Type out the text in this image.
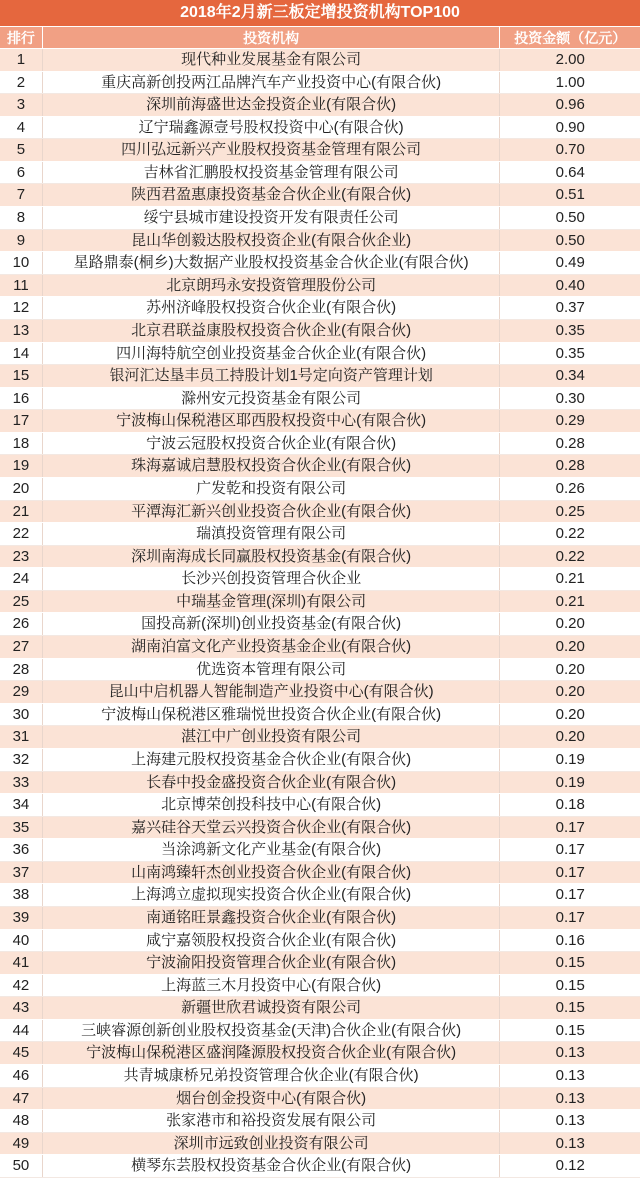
2018年2月新三板定增投资机构TOP100
排行	投资机构	投资金额（亿元）
1	现代种业发展基金有限公司	2.00
2	重庆高新创投两江品牌汽车产业投资中心(有限合伙)	1.00
3	深圳前海盛世达金投资企业(有限合伙)	0.96
4	辽宁瑞鑫源壹号股权投资中心(有限合伙)	0.90
5	四川弘远新兴产业股权投资基金管理有限公司	0.70
6	吉林省汇鹏股权投资基金管理有限公司	0.64
7	陕西君盈惠康投资基金合伙企业(有限合伙)	0.51
8	绥宁县城市建设投资开发有限责任公司	0.50
9	昆山华创毅达股权投资企业(有限合伙企业)	0.50
10	星路鼎泰(桐乡)大数据产业股权投资基金合伙企业(有限合伙)	0.49
11	北京朗玛永安投资管理股份公司	0.40
12	苏州济峰股权投资合伙企业(有限合伙)	0.37
13	北京君联益康股权投资合伙企业(有限合伙)	0.35
14	四川海特航空创业投资基金合伙企业(有限合伙)	0.35
15	银河汇达垦丰员工持股计划1号定向资产管理计划	0.34
16	滁州安元投资基金有限公司	0.30
17	宁波梅山保税港区耶西股权投资中心(有限合伙)	0.29
18	宁波云冠股权投资合伙企业(有限合伙)	0.28
19	珠海嘉诚启慧股权投资合伙企业(有限合伙)	0.28
20	广发乾和投资有限公司	0.26
21	平潭海汇新兴创业投资合伙企业(有限合伙)	0.25
22	瑞滇投资管理有限公司	0.22
23	深圳南海成长同赢股权投资基金(有限合伙)	0.22
24	长沙兴创投资管理合伙企业	0.21
25	中瑞基金管理(深圳)有限公司	0.21
26	国投高新(深圳)创业投资基金(有限合伙)	0.20
27	湖南泊富文化产业投资基金企业(有限合伙)	0.20
28	优选资本管理有限公司	0.20
29	昆山中启机器人智能制造产业投资中心(有限合伙)	0.20
30	宁波梅山保税港区雅瑞悦世投资合伙企业(有限合伙)	0.20
31	湛江中广创业投资有限公司	0.20
32	上海建元股权投资基金合伙企业(有限合伙)	0.19
33	长春中投金盛投资合伙企业(有限合伙)	0.19
34	北京博荣创投科技中心(有限合伙)	0.18
35	嘉兴硅谷天堂云兴投资合伙企业(有限合伙)	0.17
36	当涂鸿新文化产业基金(有限合伙)	0.17
37	山南鸿臻轩杰创业投资合伙企业(有限合伙)	0.17
38	上海鸿立虚拟现实投资合伙企业(有限合伙)	0.17
39	南通铭旺景鑫投资合伙企业(有限合伙)	0.17
40	咸宁嘉领股权投资合伙企业(有限合伙)	0.16
41	宁波渝阳投资管理合伙企业(有限合伙)	0.15
42	上海蓝三木月投资中心(有限合伙)	0.15
43	新疆世欣君诚投资有限公司	0.15
44	三峡睿源创新创业股权投资基金(天津)合伙企业(有限合伙)	0.15
45	宁波梅山保税港区盛润隆源股权投资合伙企业(有限合伙)	0.13
46	共青城康桥兄弟投资管理合伙企业(有限合伙)	0.13
47	烟台创金投资中心(有限合伙)	0.13
48	张家港市和裕投资发展有限公司	0.13
49	深圳市远致创业投资有限公司	0.13
50	横琴东芸股权投资基金合伙企业(有限合伙)	0.12
